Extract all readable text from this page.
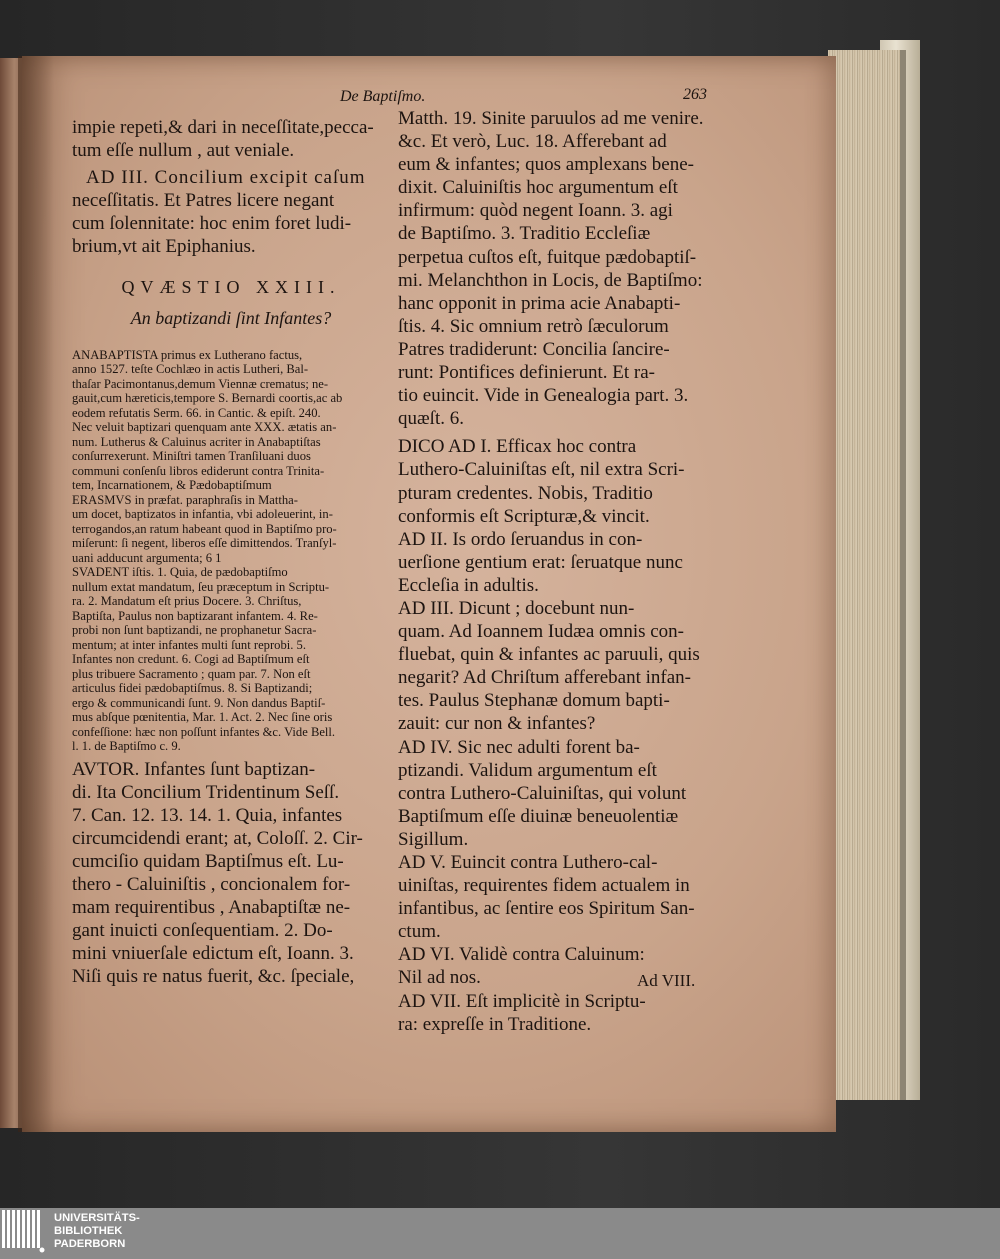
De Baptiſmo.	263
impie repeti,& dari in neceſſitate,pecca-
tum eſſe nullum , aut veniale.
AD III. Concilium excipit caſum
neceſſitatis. Et Patres licere negant
cum ſolennitate: hoc enim foret ludi-
brium,vt ait Epiphanius.
QVÆSTIO XXIII.
An baptizandi ſint Infantes?
ANABAPTISTA primus ex Lutherano factus,
anno 1527. teſte Cochlæo in actis Lutheri, Bal-
thaſar Pacimontanus,demum Viennæ crematus; ne-
gauit,cum hæreticis,tempore S. Bernardi coortis,ac ab
eodem refutatis Serm. 66. in Cantic. & epiſt. 240.
Nec veluit baptizari quenquam ante XXX. ætatis an-
num. Lutherus & Caluinus acriter in Anabaptiſtas
conſurrexerunt. Miniſtri tamen Tranſiluani duos
communi conſenſu libros ediderunt contra Trinita-
tem, Incarnationem, & Pædobaptiſmum
ERASMVS in præfat. paraphraſis in Mattha-
um docet, baptizatos in infantia, vbi adoleuerint, in-
terrogandos,an ratum habeant quod in Baptiſmo pro-
miſerunt: ſi negent, liberos eſſe dimittendos. Tranſyl-
uani adducunt argumenta; 6 1
SVADENT iſtis. 1. Quia, de pædobaptiſmo
nullum extat mandatum, ſeu præceptum in Scriptu-
ra. 2. Mandatum eſt prius Docere. 3. Chriſtus,
Baptiſta, Paulus non baptizarant infantem. 4. Re-
probi non ſunt baptizandi, ne prophanetur Sacra-
mentum; at inter infantes multi ſunt reprobi. 5.
Infantes non credunt. 6. Cogi ad Baptiſmum eſt
plus tribuere Sacramento ; quam par. 7. Non eſt
articulus fidei pædobaptiſmus. 8. Si Baptizandi;
ergo & communicandi ſunt. 9. Non dandus Baptiſ-
mus abſque pœnitentia, Mar. 1. Act. 2. Nec ſine oris
confeſſione: hæc non poſſunt infantes &c. Vide Bell.
l. 1. de Baptiſmo c. 9.
AVTOR. Infantes ſunt baptizan-
di. Ita Concilium Tridentinum Seſſ.
7. Can. 12. 13. 14. 1. Quia, infantes
circumcidendi erant; at, Coloſſ. 2. Cir-
cumciſio quidam Baptiſmus eſt. Lu-
thero - Caluiniſtis , concionalem for-
mam requirentibus , Anabaptiſtæ ne-
gant inuicti conſequentiam. 2. Do-
mini vniuerſale edictum eſt, Ioann. 3.
Niſi quis re natus fuerit, &c. ſpeciale,
Matth. 19. Sinite paruulos ad me venire.
&c. Et verò, Luc. 18. Afferebant ad
eum & infantes; quos amplexans bene-
dixit. Caluiniſtis hoc argumentum eſt
infirmum: quòd negent Ioann. 3. agi
de Baptiſmo. 3. Traditio Eccleſiæ
perpetua cuſtos eſt, fuitque pædobaptiſ-
mi. Melanchthon in Locis, de Baptiſmo:
hanc opponit in prima acie Anabapti-
ſtis. 4. Sic omnium retrò ſæculorum
Patres tradiderunt: Concilia ſancire-
runt: Pontifices definierunt. Et ra-
tio euincit. Vide in Genealogia part. 3.
quæſt. 6.
DICO AD I. Efficax hoc contra
Luthero-Caluiniſtas eſt, nil extra Scri-
pturam credentes. Nobis, Traditio
conformis eſt Scripturæ,& vincit.
AD II. Is ordo ſeruandus in con-
uerſione gentium erat: ſeruatque nunc
Eccleſia in adultis.
AD III. Dicunt ; docebunt nun-
quam. Ad Ioannem Iudæa omnis con-
fluebat, quin & infantes ac paruuli, quis
negarit? Ad Chriſtum afferebant infan-
tes. Paulus Stephanæ domum bapti-
zauit: cur non & infantes?
AD IV. Sic nec adulti forent ba-
ptizandi. Validum argumentum eſt
contra Luthero-Caluiniſtas, qui volunt
Baptiſmum eſſe diuinæ beneuolentiæ
Sigillum.
AD V. Euincit contra Luthero-cal-
uiniſtas, requirentes fidem actualem in
infantibus, ac ſentire eos Spiritum San-
ctum.
AD VI. Validè contra Caluinum:
Nil ad nos.
AD VII. Eſt implicitè in Scriptu-
ra: expreſſe in Traditione.
Ad VIII.
UNIVERSITÄTS-
BIBLIOTHEK
PADERBORN
